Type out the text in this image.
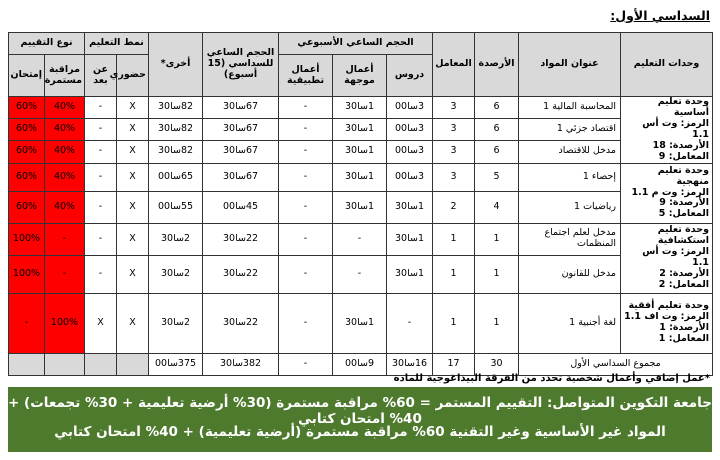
السداسي الأول:
وحدات التعليم	عنوان المواد	الأرصدة	المعامل	الحجم الساعي الأسبوعي			الحجم الساعي للسداسي (15 أسبوع)	أخرى*	نمط التعليم		نوع التقييم	
				دروس	أعمال موجهة	أعمال تطبيقية			حضوري	عن بعد	مراقبة مستمرة	إمتحان

وحدة تعليم أساسية
الرمز: وت أس 1.1
الأرصدة: 18
المعامل: 9	المحاسبة المالية 1	6	3	3سا00	1سا30	-	67سا30	82سا30	X	-	40%	60%
	اقتصاد جزئي 1	6	3	3سا00	1سا30	-	67سا30	82سا30	X	-	40%	60%
	مدخل للاقتصاد	6	3	3سا00	1سا30	-	67سا30	82سا30	X	-	40%	60%

وحدة تعليم منهجية
الرمز: وت م 1.1
الأرصدة: 9
المعامل: 5	إحصاء 1	5	3	3سا00	1سا30	-	67سا30	65سا00	X	-	40%	60%
	رياضيات 1	4	2	1سا30	1سا30	-	45سا00	55سا00	X	-	40%	60%

وحدة تعليم استكشافية
الرمز: وت أس 1.1
الأرصدة: 2
المعامل: 2	مدخل لعلم اجتماع المنظمات	1	1	1سا30	-	-	22سا30	2سا30	X	-	-	100%
	مدخل للقانون	1	1	1سا30	-	-	22سا30	2سا30	X	-	-	100%

وحدة تعليم أفقية
الرمز: وت اف 1.1
الأرصدة: 1
المعامل: 1	لغة أجنبية 1	1	1	-	1سا30	-	22سا30	2سا30	X	X	100%	-
مجموع السداسي الأول		30	17	16سا30	9سا00	-	382سا30	375سا00				
*عمل إضافي وأعمال شخصية تحدد من الفرقة البيداغوجية للمادة
جامعة التكوين المتواصل: التقييم المستمر = 60% مراقبة مستمرة (30% أرضية تعليمية + 30% تجمعات) + 40% امتحان كتابي
المواد غير الأساسية وغير التقنية 60% مراقبة مستمرة (أرضية تعليمية) + 40% امتحان كتابي
